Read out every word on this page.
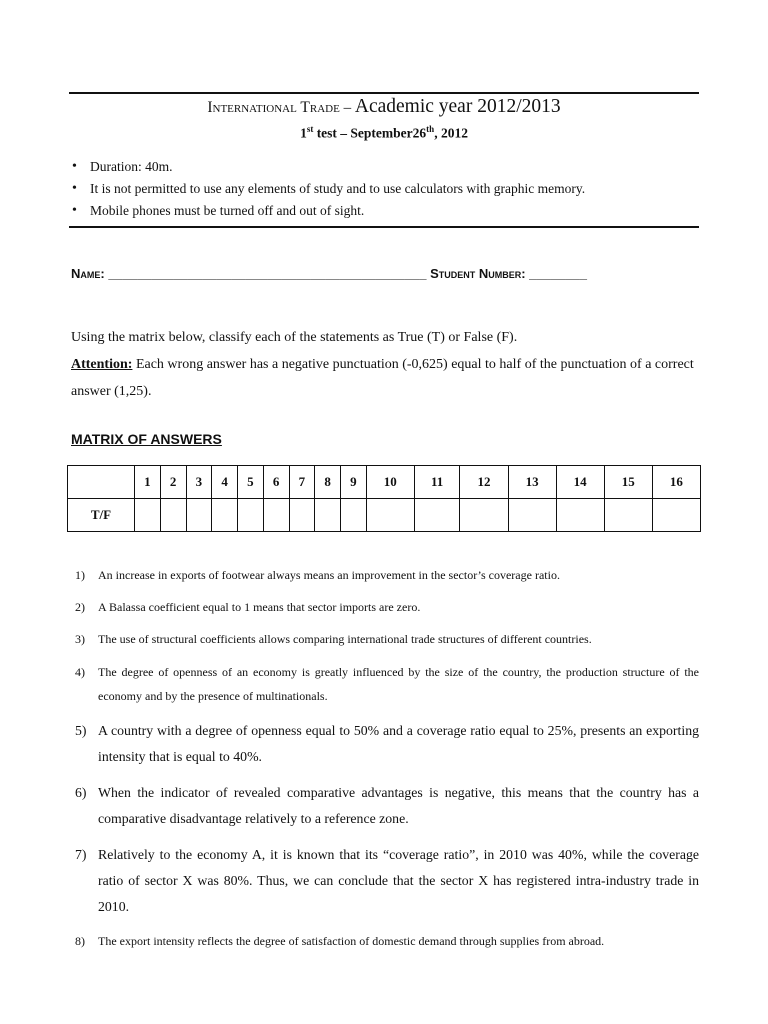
International Trade – Academic year 2012/2013
1st test – September26th, 2012
• Duration: 40m.
• It is not permitted to use any elements of study and to use calculators with graphic memory.
• Mobile phones must be turned off and out of sight.
Name: ____________________________________________ Student Number: ________

Using the matrix below, classify each of the statements as True (T) or False (F).

Attention: Each wrong answer has a negative punctuation (-0,625) equal to half of the punctuation of a correct answer (1,25).

MATRIX OF ANSWERS
	1	2	3	4	5	6	7	8	9	10	11	12	13	14	15	16
T/F																
1) An increase in exports of footwear always means an improvement in the sector’s coverage ratio.
2) A Balassa coefficient equal to 1 means that sector imports are zero.
3) The use of structural coefficients allows comparing international trade structures of different countries.
4) The degree of openness of an economy is greatly influenced by the size of the country, the production structure of the economy and by the presence of multinationals.
5) A country with a degree of openness equal to 50% and a coverage ratio equal to 25%, presents an exporting intensity that is equal to 40%.
6) When the indicator of revealed comparative advantages is negative, this means that the country has a comparative disadvantage relatively to a reference zone.
7) Relatively to the economy A, it is known that its “coverage ratio”, in 2010 was 40%, while the coverage ratio of sector X was 80%. Thus, we can conclude that the sector X has registered intra-industry trade in 2010.
8) The export intensity reflects the degree of satisfaction of domestic demand through supplies from abroad.
